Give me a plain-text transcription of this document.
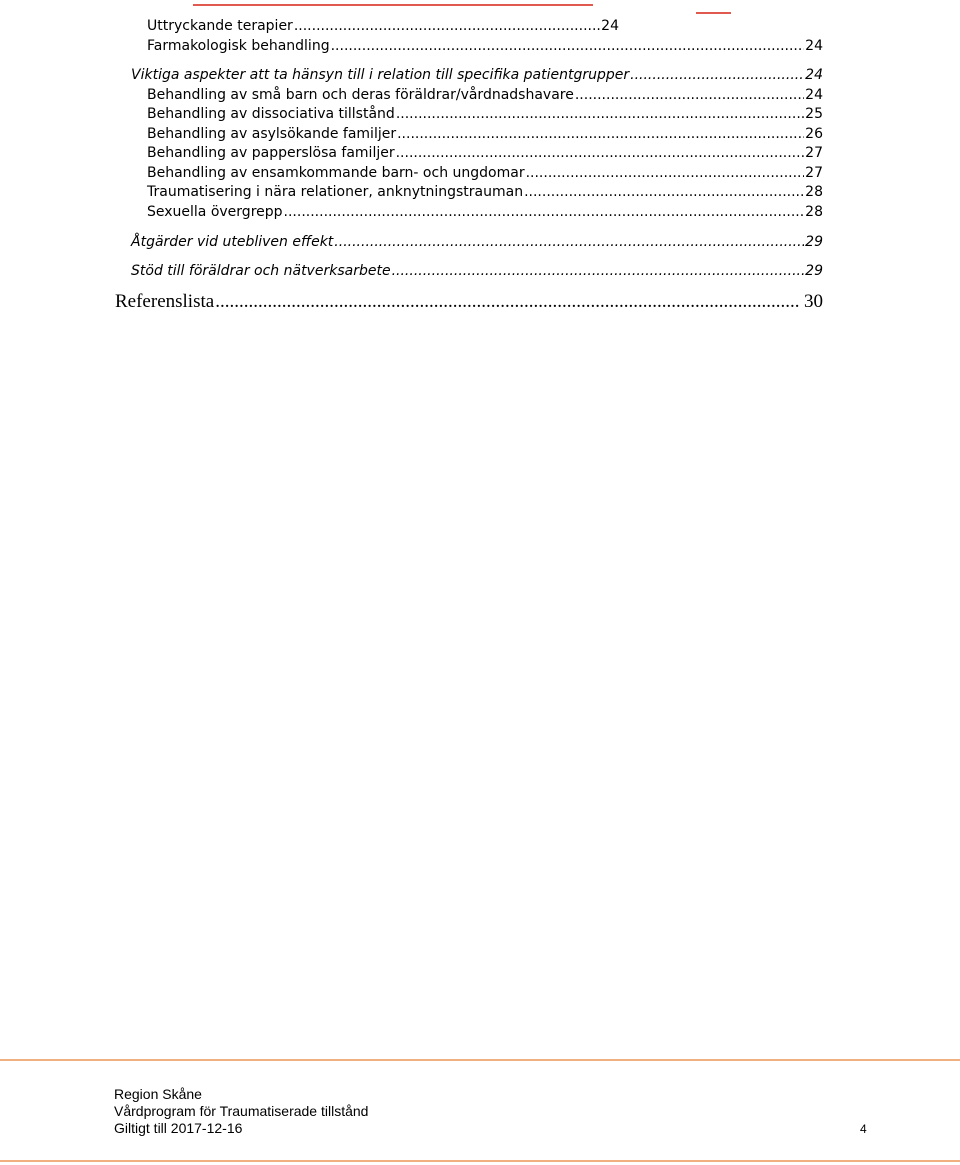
Uttryckande terapier .....	24
Farmakologisk behandling .....	24
Viktiga aspekter att ta hänsyn till i relation till specifika patientgrupper .....	24
Behandling av små barn och deras föräldrar/vårdnadshavare .....	24
Behandling av dissociativa tillstånd .....	25
Behandling av asylsökande familjer .....	26
Behandling av papperslösa familjer .....	27
Behandling av ensamkommande barn- och ungdomar .....	27
Traumatisering i nära relationer, anknytningstrauman .....	28
Sexuella övergrepp .....	28
Åtgärder vid utebliven effekt .....	29
Stöd till föräldrar och nätverksarbete .....	29
Referenslista .....	30
Region Skåne
Vårdprogram för Traumatiserade tillstånd
Giltigt till 2017-12-16	4
